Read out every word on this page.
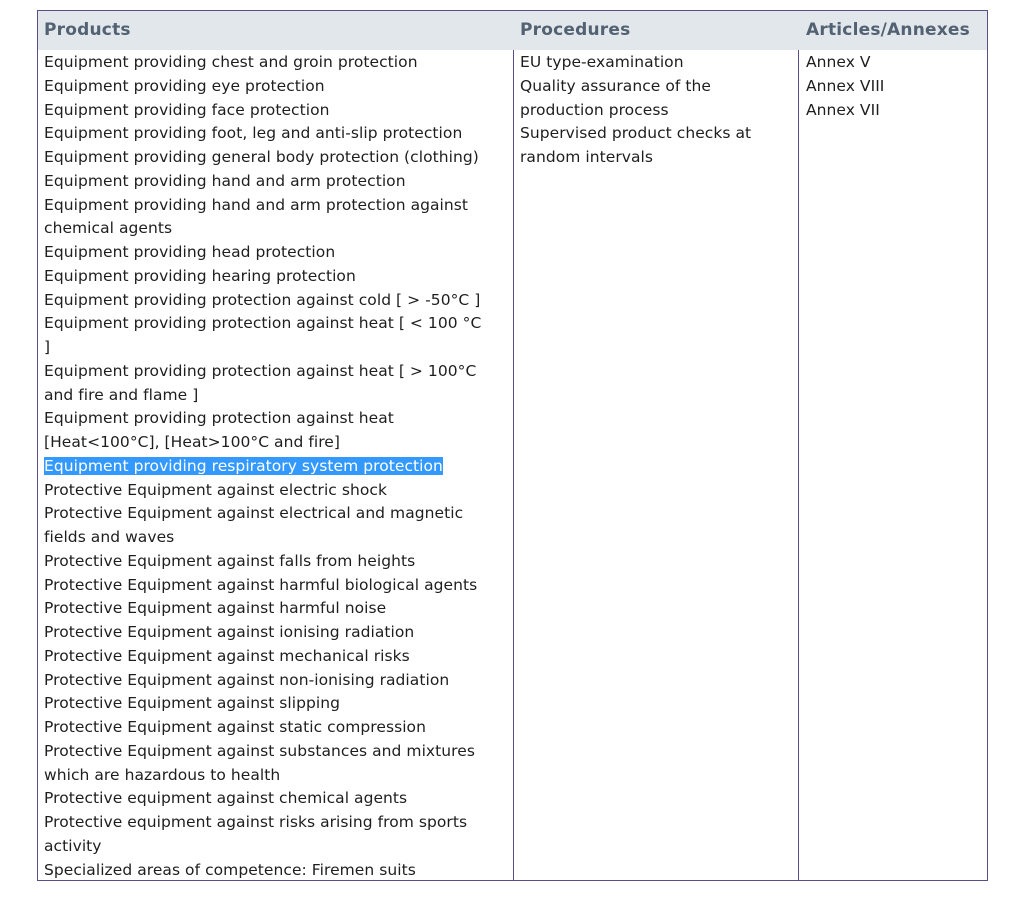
Products	Procedures	Articles/Annexes
Equipment providing chest and groin protection
Equipment providing eye protection
Equipment providing face protection
Equipment providing foot, leg and anti-slip protection
Equipment providing general body protection (clothing)
Equipment providing hand and arm protection
Equipment providing hand and arm protection against
chemical agents
Equipment providing head protection
Equipment providing hearing protection
Equipment providing protection against cold [ > -50°C ]
Equipment providing protection against heat [ < 100 °C
]
Equipment providing protection against heat [ > 100°C
and fire and flame ]
Equipment providing protection against heat
[Heat<100°C], [Heat>100°C and fire]
Equipment providing respiratory system protection
Protective Equipment against electric shock
Protective Equipment against electrical and magnetic
fields and waves
Protective Equipment against falls from heights
Protective Equipment against harmful biological agents
Protective Equipment against harmful noise
Protective Equipment against ionising radiation
Protective Equipment against mechanical risks
Protective Equipment against non-ionising radiation
Protective Equipment against slipping
Protective Equipment against static compression
Protective Equipment against substances and mixtures
which are hazardous to health
Protective equipment against chemical agents
Protective equipment against risks arising from sports
activity
Specialized areas of competence: Firemen suits
EU type-examination
Quality assurance of the
production process
Supervised product checks at
random intervals
Annex V
Annex VIII
Annex VII
